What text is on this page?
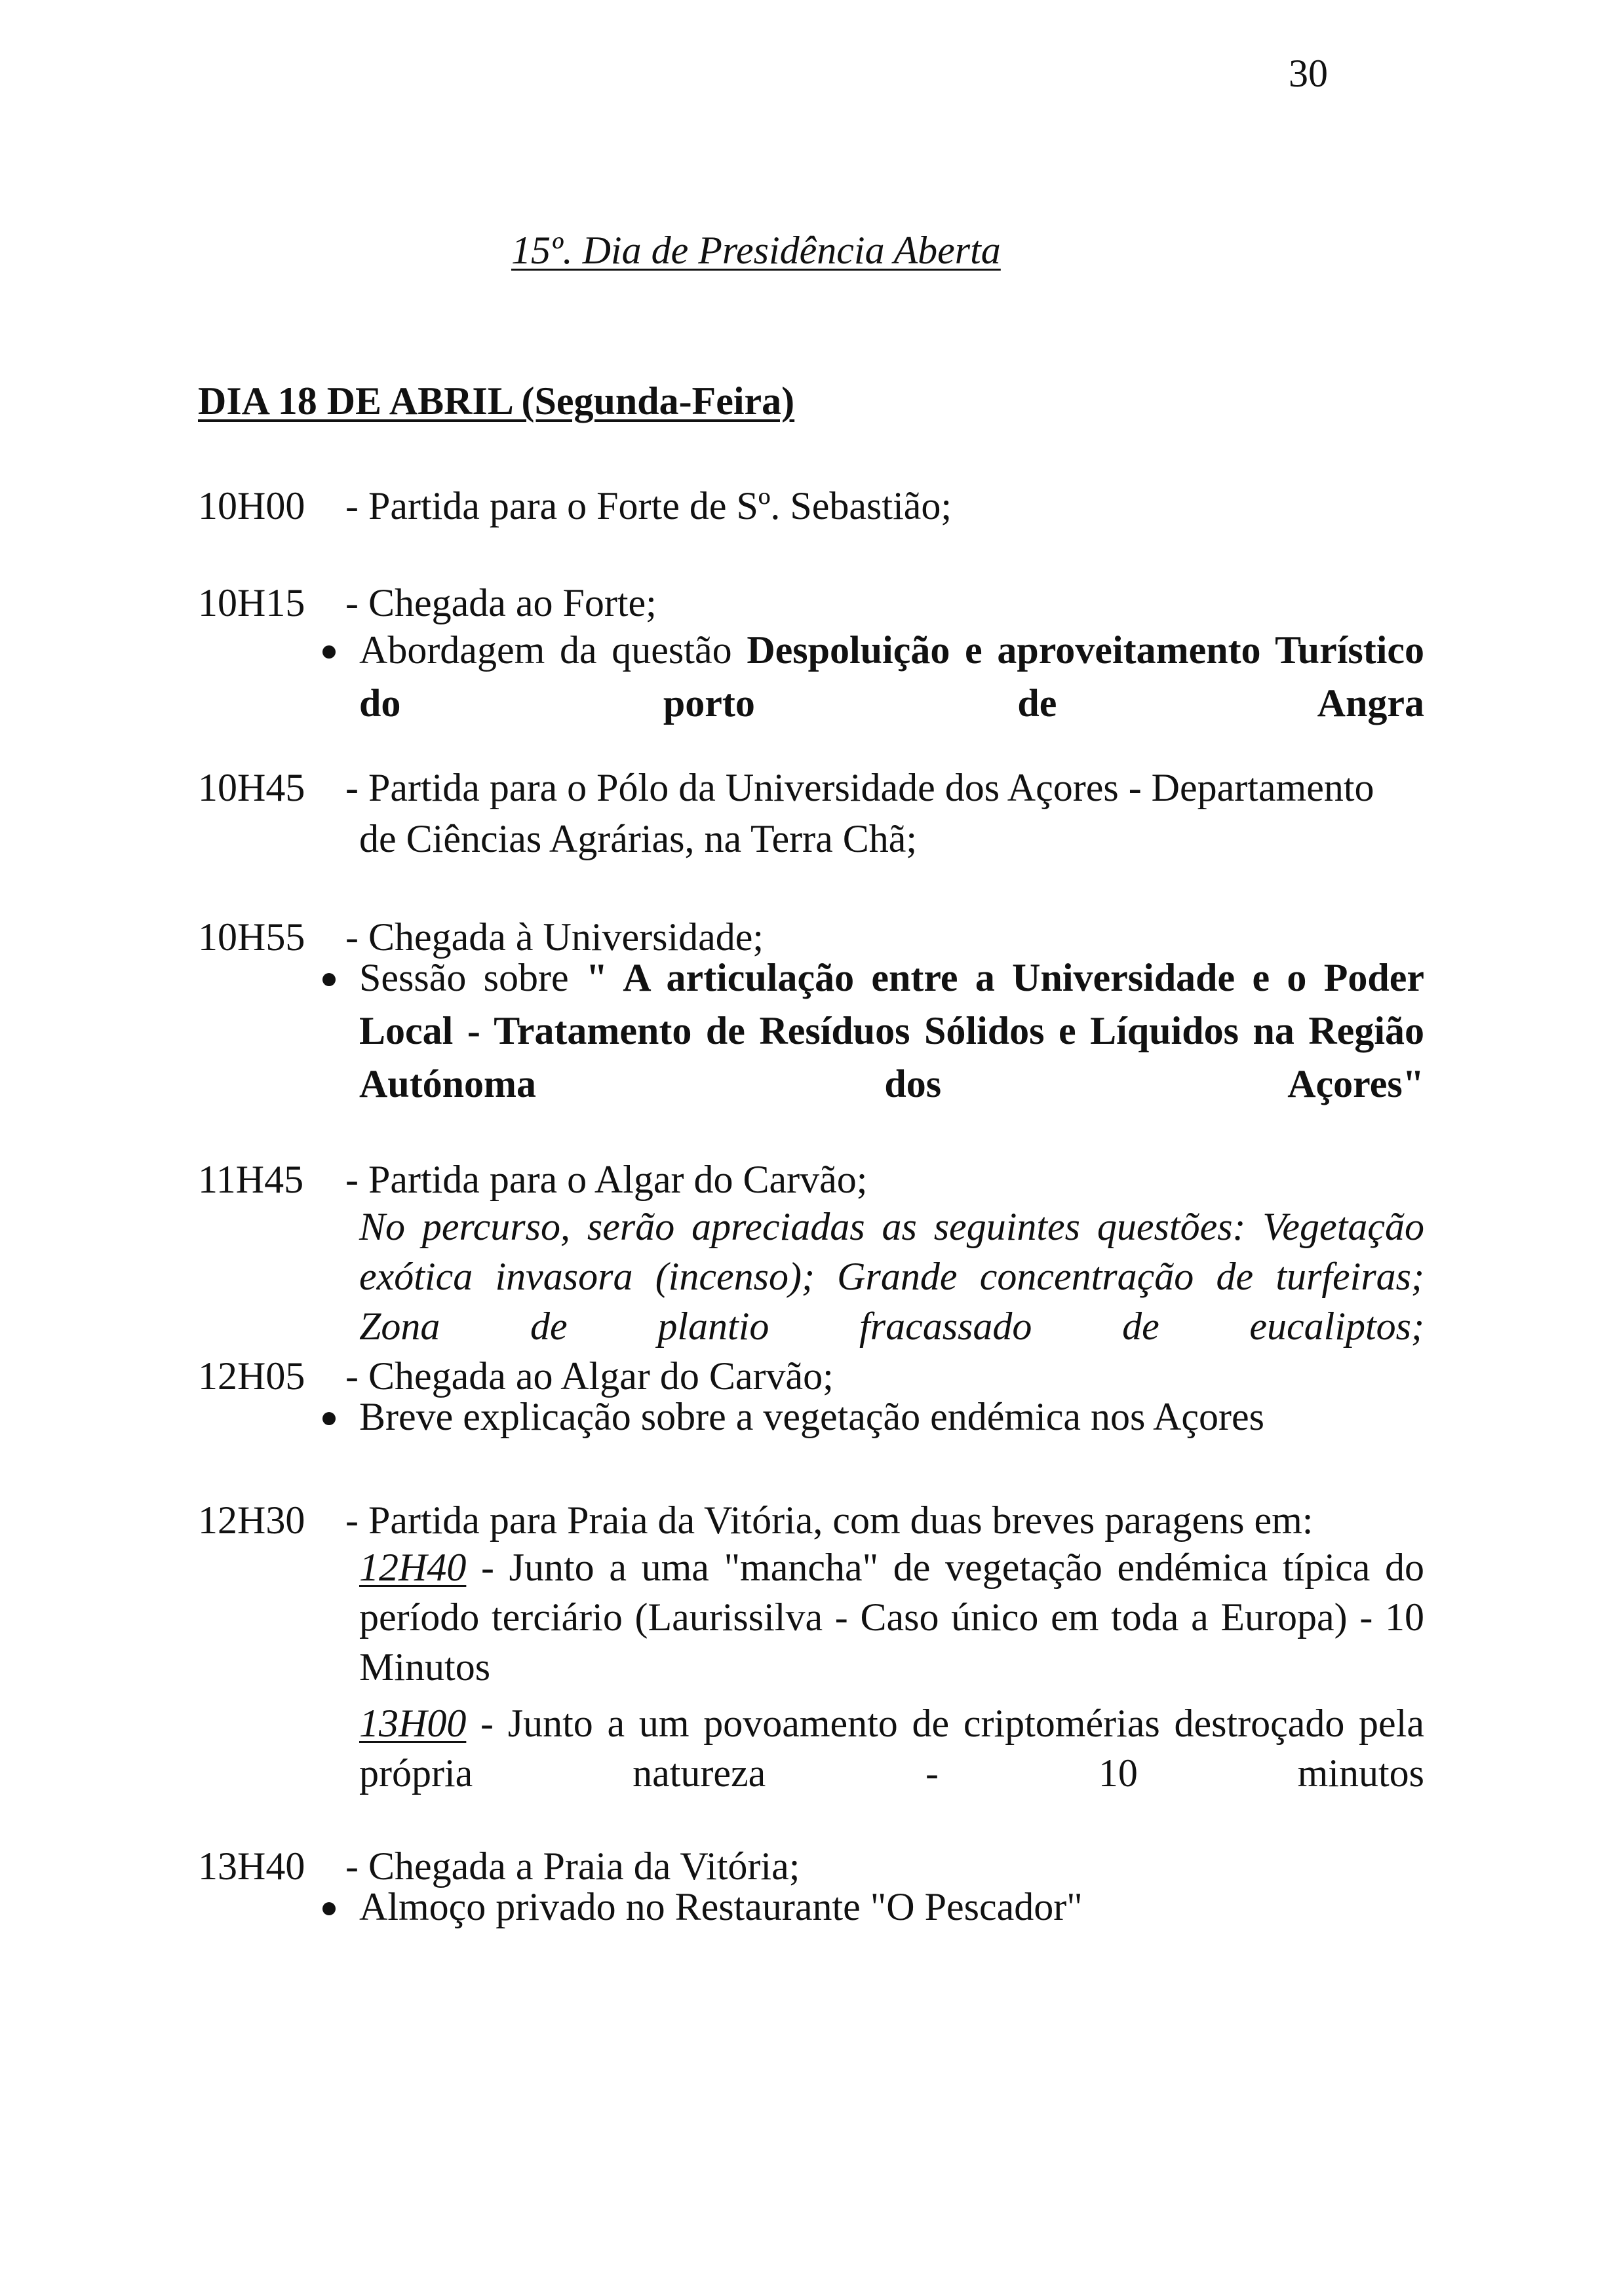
30
15º. Dia de Presidência Aberta
DIA 18 DE ABRIL (Segunda-Feira)
10H00 - Partida para o Forte de Sº. Sebastião;
10H15 - Chegada ao Forte;
Abordagem da questão Despoluição e aproveitamento Turístico do porto de Angra
10H45 - Partida para o Pólo da Universidade dos Açores - Departamento
de Ciências Agrárias, na Terra Chã;
10H55 - Chegada à Universidade;
Sessão sobre " A articulação entre a Universidade e o Poder Local - Tratamento de Resíduos Sólidos e Líquidos na Região Autónoma dos Açores"
11H45 - Partida para o Algar do Carvão;
No percurso, serão apreciadas as seguintes questões: Vegetação exótica invasora (incenso); Grande concentração de turfeiras; Zona de plantio fracassado de eucaliptos;
12H05 - Chegada ao Algar do Carvão;
Breve explicação sobre a vegetação endémica nos Açores
12H30 - Partida para Praia da Vitória, com duas breves paragens em:
12H40 - Junto a uma "mancha" de vegetação endémica típica do período terciário (Laurissilva - Caso único em toda a Europa) - 10 Minutos
13H00 - Junto a um povoamento de criptomérias destroçado pela própria natureza - 10 minutos
13H40 - Chegada a Praia da Vitória;
Almoço privado no Restaurante "O Pescador"
